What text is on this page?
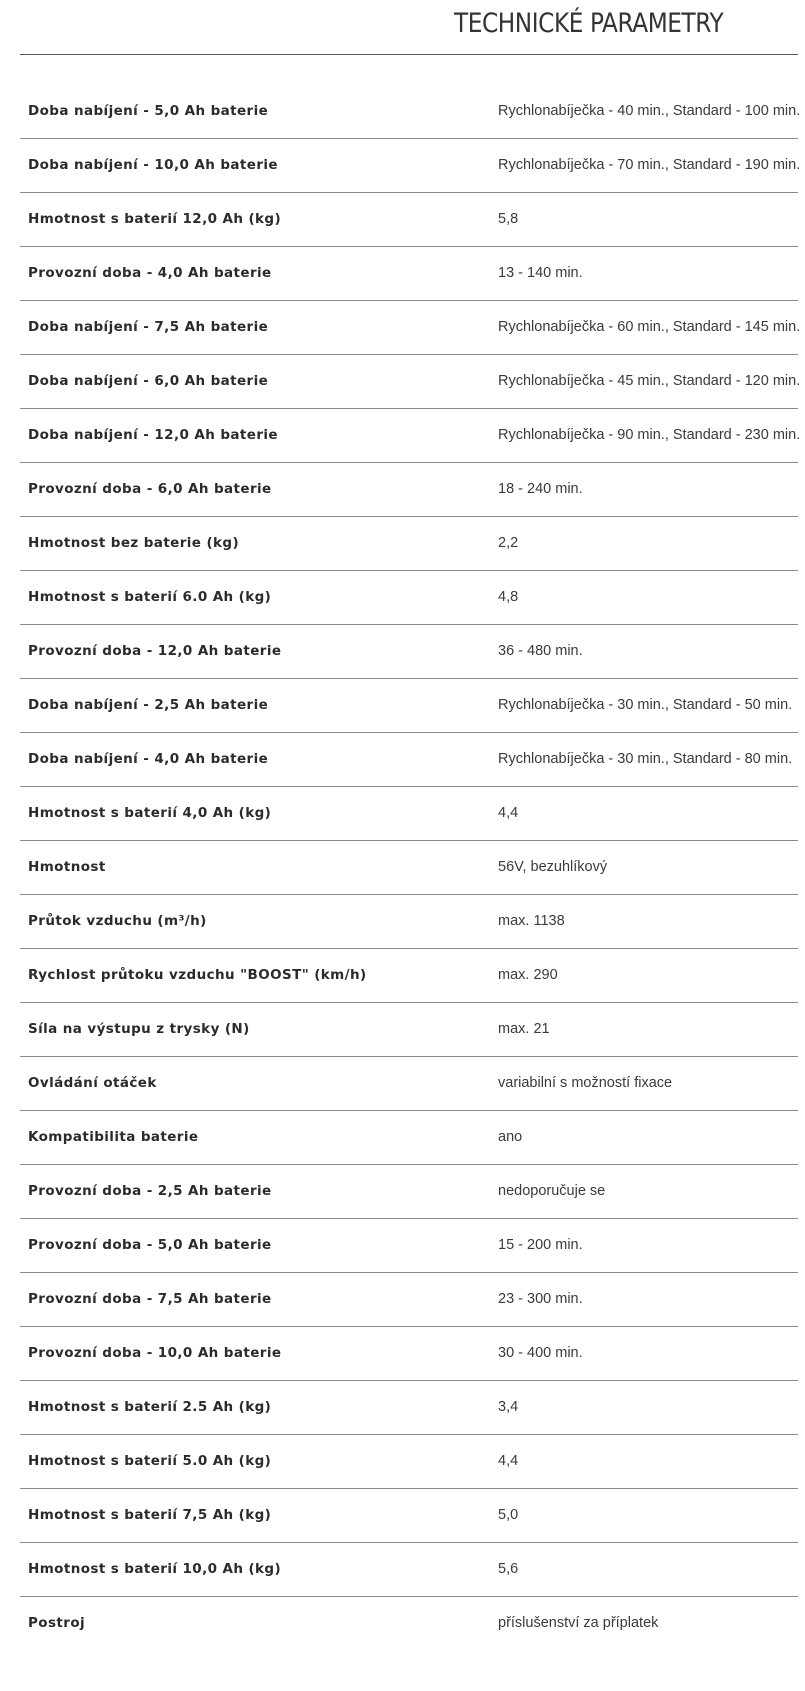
TECHNICKÉ PARAMETRY
Doba nabíjení - 5,0 Ah baterie	Rychlonabíječka - 40 min., Standard - 100 min.
Doba nabíjení - 10,0 Ah baterie	Rychlonabíječka - 70 min., Standard - 190 min.
Hmotnost s baterií 12,0 Ah (kg)	5,8
Provozní doba - 4,0 Ah baterie	13 - 140 min.
Doba nabíjení - 7,5 Ah baterie	Rychlonabíječka - 60 min., Standard - 145 min.
Doba nabíjení - 6,0 Ah baterie	Rychlonabíječka - 45 min., Standard - 120 min.
Doba nabíjení - 12,0 Ah baterie	Rychlonabíječka - 90 min., Standard - 230 min.
Provozní doba - 6,0 Ah baterie	18 - 240 min.
Hmotnost bez baterie (kg)	2,2
Hmotnost s baterií 6.0 Ah (kg)	4,8
Provozní doba - 12,0 Ah baterie	36 - 480 min.
Doba nabíjení - 2,5 Ah baterie	Rychlonabíječka - 30 min., Standard - 50 min.
Doba nabíjení - 4,0 Ah baterie	Rychlonabíječka - 30 min., Standard - 80 min.
Hmotnost s baterií 4,0 Ah (kg)	4,4
Hmotnost	56V, bezuhlíkový
Průtok vzduchu (m³/h)	max. 1138
Rychlost průtoku vzduchu "BOOST" (km/h)	max. 290
Síla na výstupu z trysky (N)	max. 21
Ovládání otáček	variabilní s možností fixace
Kompatibilita baterie	ano
Provozní doba - 2,5 Ah baterie	nedoporučuje se
Provozní doba - 5,0 Ah baterie	15 - 200 min.
Provozní doba - 7,5 Ah baterie	23 - 300 min.
Provozní doba - 10,0 Ah baterie	30 - 400 min.
Hmotnost s baterií 2.5 Ah (kg)	3,4
Hmotnost s baterií 5.0 Ah (kg)	4,4
Hmotnost s baterií 7,5 Ah (kg)	5,0
Hmotnost s baterií 10,0 Ah (kg)	5,6
Postroj	příslušenství za příplatek
